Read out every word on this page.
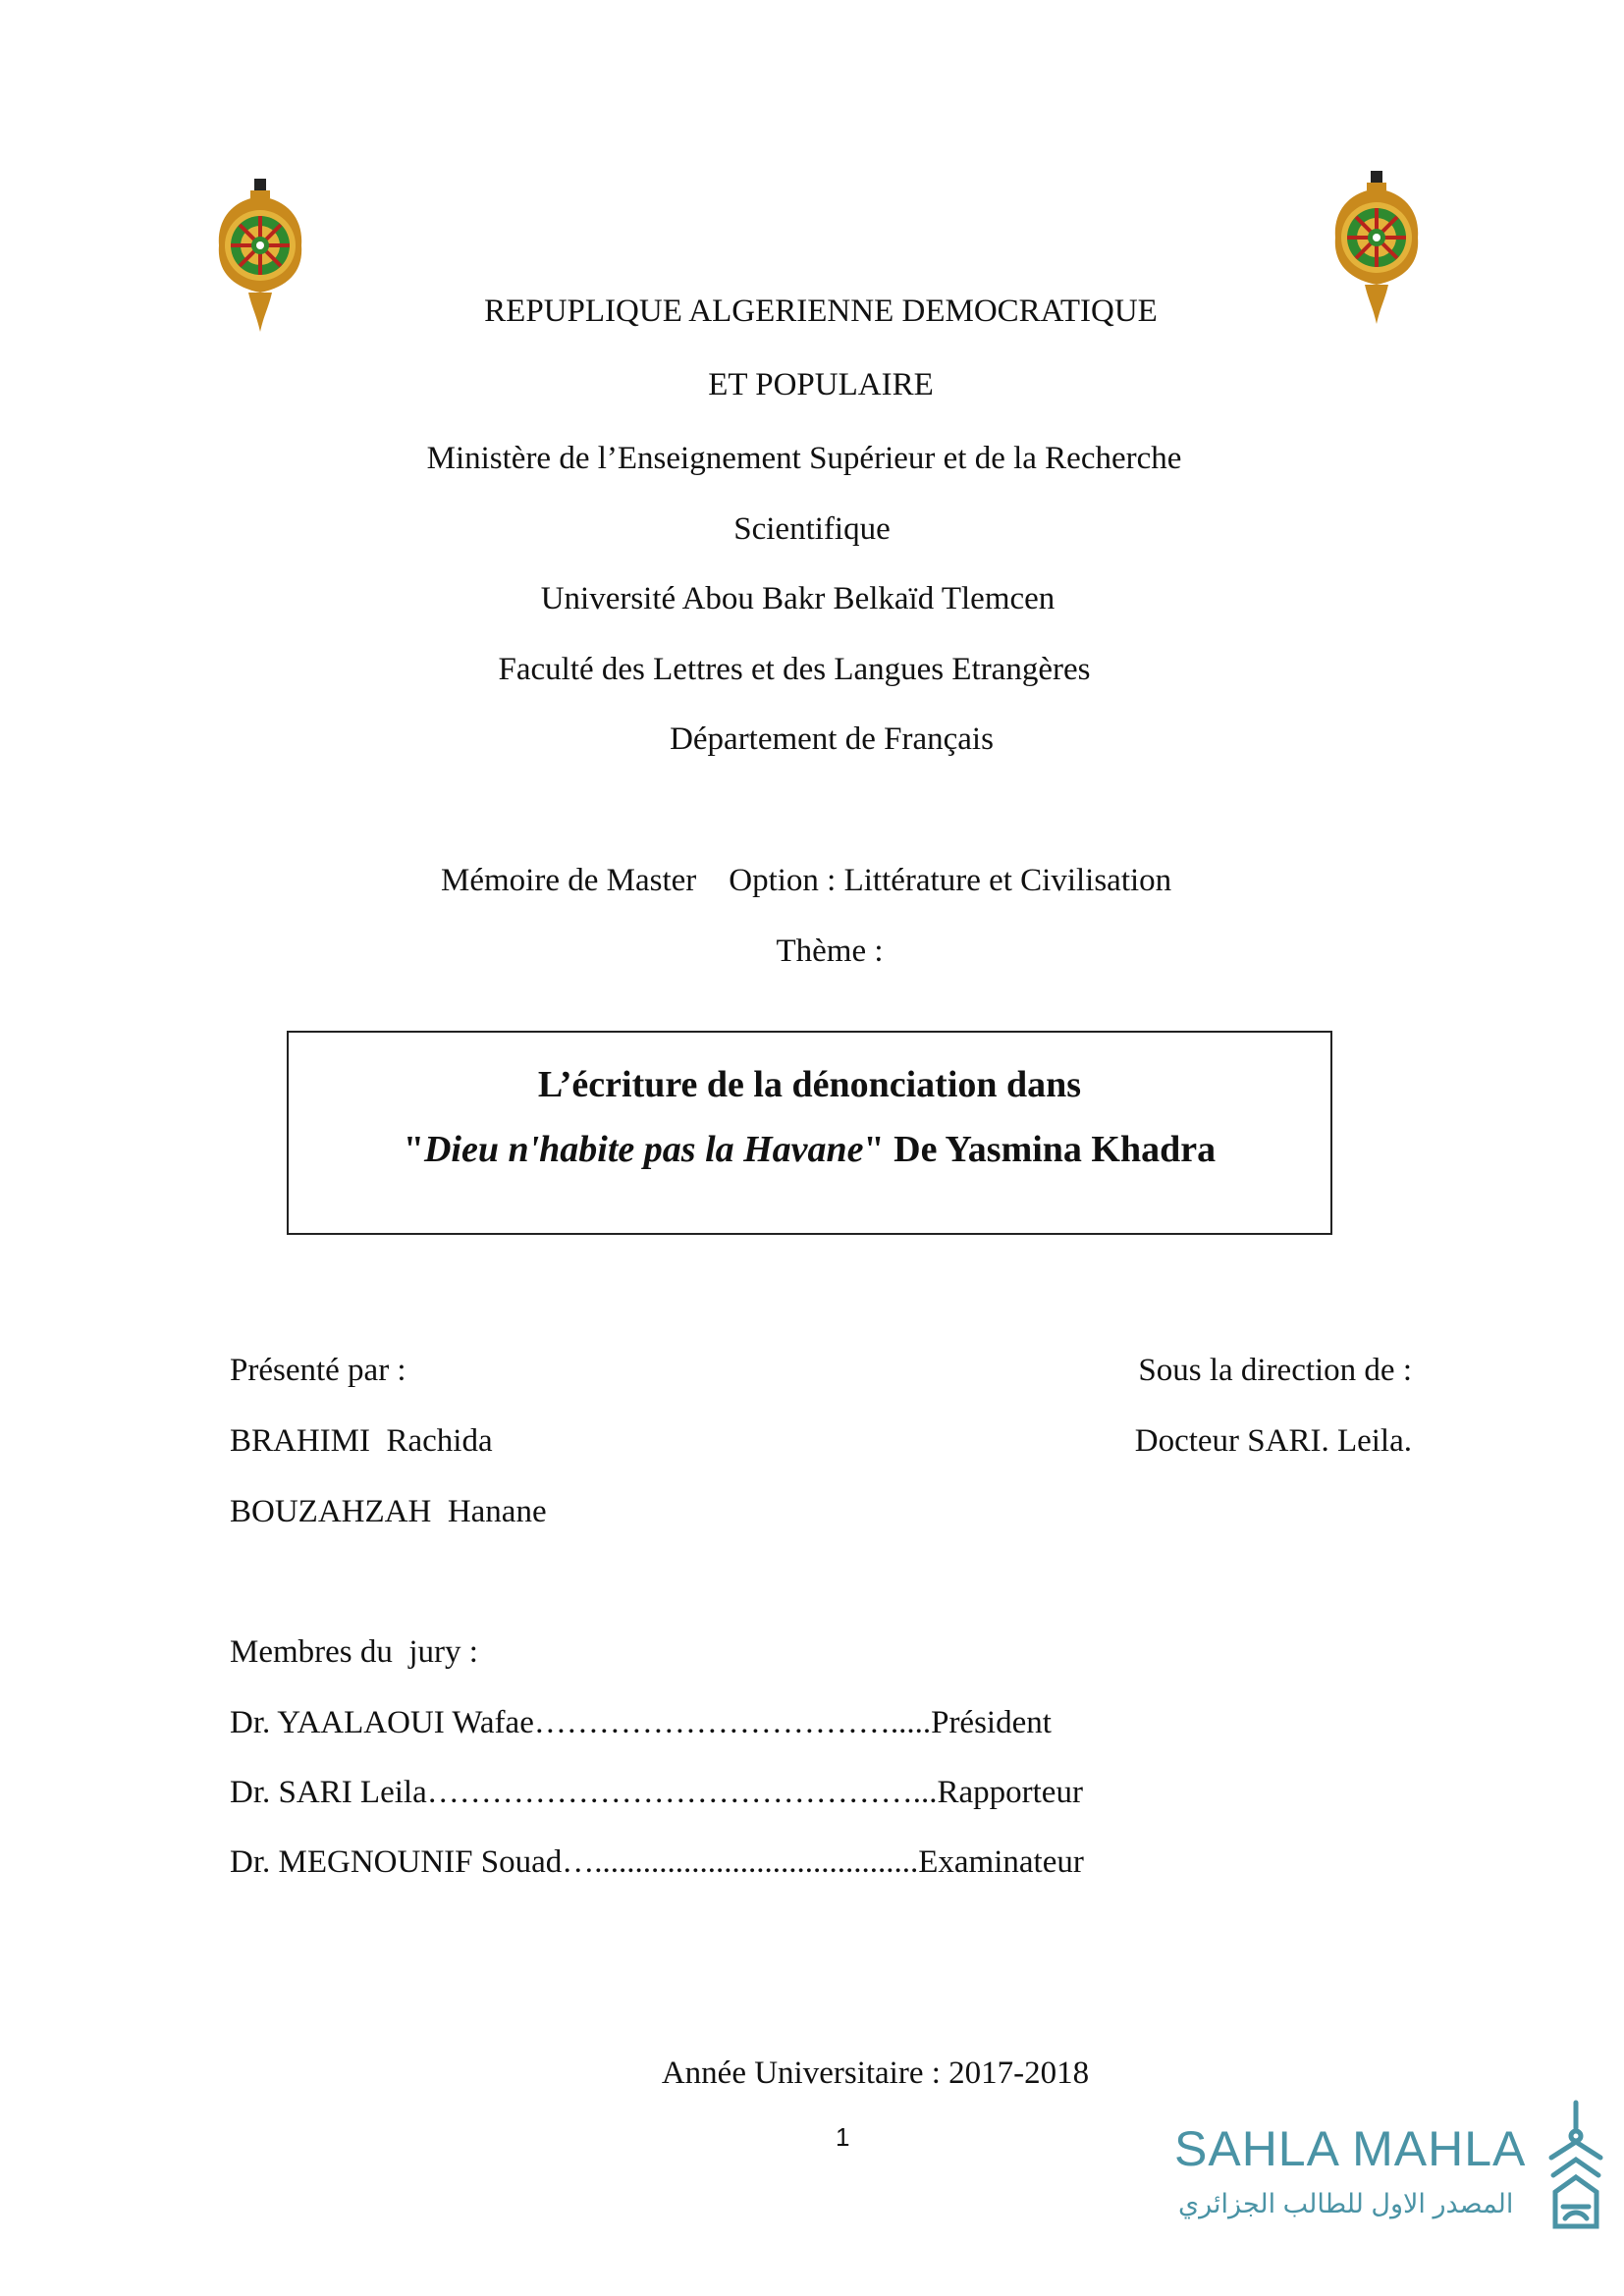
REPUPLIQUE ALGERIENNE DEMOCRATIQUE
ET POPULAIRE
Ministère de l’Enseignement Supérieur et de la Recherche
Scientifique
Université Abou Bakr Belkaïd Tlemcen
Faculté des Lettres et des Langues Etrangères
Département de Français
Mémoire de Master Option : Littérature et Civilisation
Thème :
L’écriture de la dénonciation dans
"Dieu n'habite pas la Havane" De Yasmina Khadra
Présenté par :
BRAHIMI  Rachida
BOUZAHZAH  Hanane
Sous la direction de :
Docteur SARI. Leila.
Membres du  jury :
Dr. YAALAOUI Wafae…………………………….....Président
Dr. SARI Leila………………………………………...Rapporteur
Dr. MEGNOUNIF Souad…........................................Examinateur
Année Universitaire : 2017-2018
1	SAHLA MAHLA
المصدر الاول للطالب الجزائري
